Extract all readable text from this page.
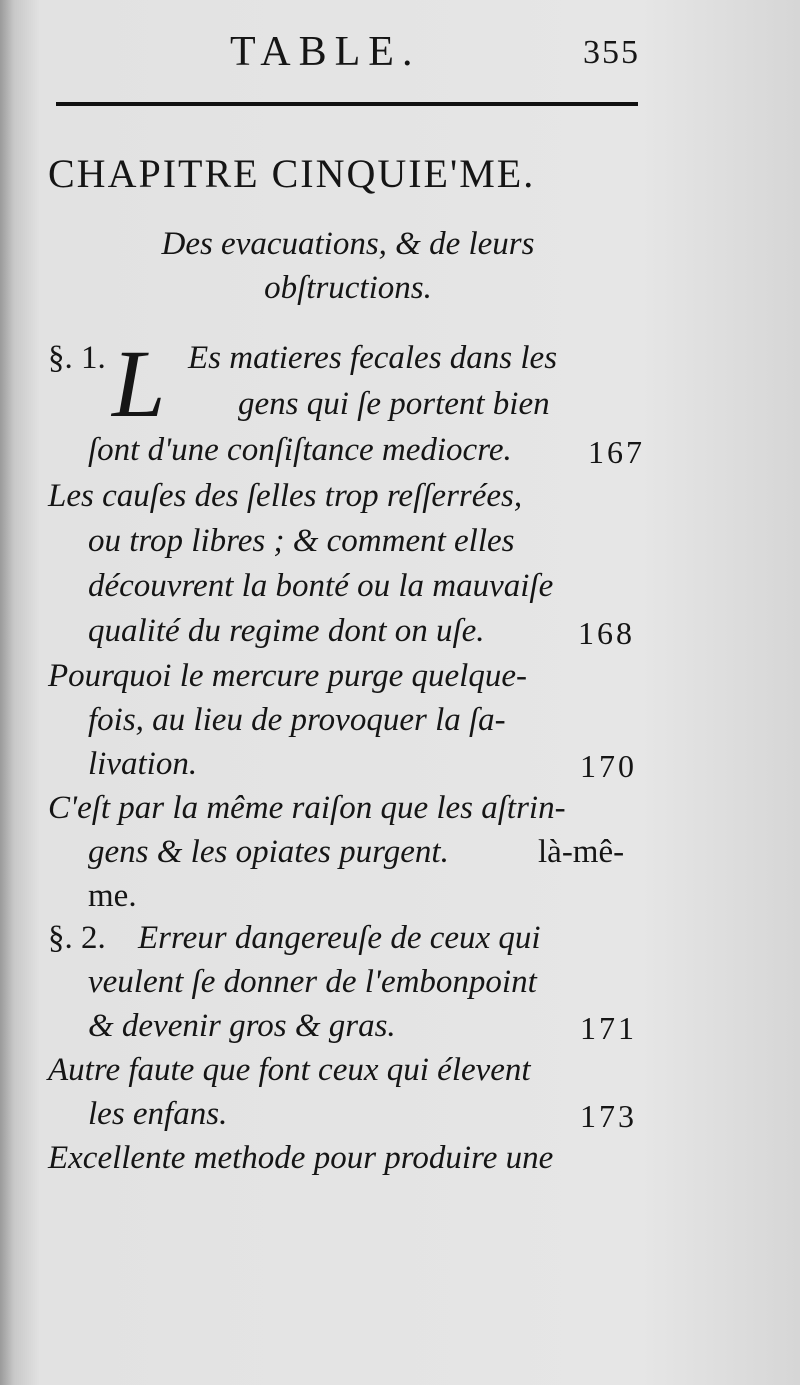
TABLE.	355
CHAPITRE CINQUIE'ME.
Des evacuations, & de leurs
obſtructions.
§. 1. L Es matieres fecales dans les
gens qui ſe portent bien
ſont d'une conſiſtance mediocre. 167
Les cauſes des ſelles trop reſſerrées,
ou trop libres ; & comment elles
découvrent la bonté ou la mauvaiſe
qualité du regime dont on uſe.	168
Pourquoi le mercure purge quelque-
fois, au lieu de provoquer la ſa-
livation.	170
C'eſt par la même raiſon que les aſtrin-
gens & les opiates purgent.	là-mê-
me.
§. 2. Erreur dangereuſe de ceux qui
veulent ſe donner de l'embonpoint
& devenir gros & gras.	171
Autre faute que font ceux qui élevent
les enfans.	173
Excellente methode pour produire une
